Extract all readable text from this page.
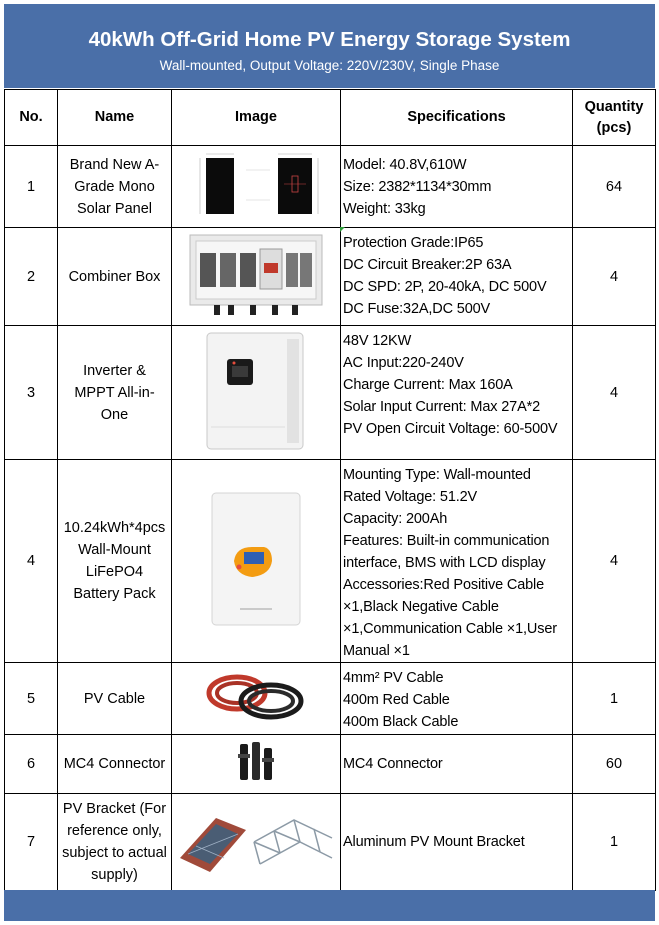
40kWh Off-Grid Home PV Energy Storage System
Wall-mounted, Output Voltage: 220V/230V, Single Phase
No.	Name	Image	Specifications	Quantity (pcs)
1	Brand New A-Grade Mono Solar Panel		Model: 40.8V,610W
Size: 2382*1134*30mm
Weight: 33kg	64
2	Combiner Box		Protection Grade:IP65
DC Circuit Breaker:2P 63A
DC SPD: 2P, 20-40kA, DC 500V
DC Fuse:32A,DC 500V	4
3	Inverter & MPPT All-in-One		48V 12KW
AC Input:220-240V
Charge Current: Max 160A
Solar Input Current: Max 27A*2
PV Open Circuit Voltage: 60-500V	4
4	10.24kWh*4pcs Wall-Mount LiFePO4 Battery Pack		Mounting Type: Wall-mounted
Rated Voltage: 51.2V
Capacity: 200Ah
Features: Built-in communication interface, BMS with LCD display
Accessories:Red Positive Cable ×1,Black Negative Cable ×1,Communication Cable ×1,User Manual ×1	4
5	PV Cable		4mm² PV Cable
400m Red Cable
400m Black Cable	1
6	MC4 Connector		MC4 Connector	60
7	PV Bracket (For reference only, subject to actual supply)		Aluminum PV Mount Bracket	1
